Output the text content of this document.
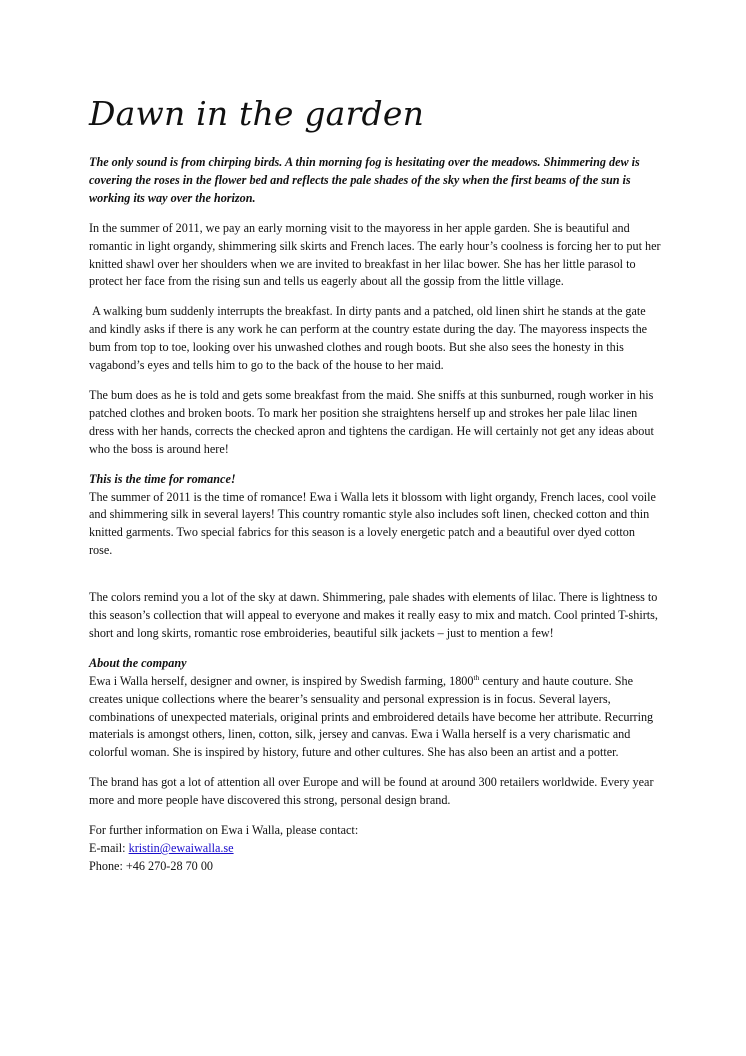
Dawn in the garden

The only sound is from chirping birds. A thin morning fog is hesitating over the meadows. Shimmering dew is covering the roses in the flower bed and reflects the pale shades of the sky when the first beams of the sun is working its way over the horizon.

In the summer of 2011, we pay an early morning visit to the mayoress in her apple garden. She is beautiful and romantic in light organdy, shimmering silk skirts and French laces. The early hour’s coolness is forcing her to put her knitted shawl over her shoulders when we are invited to breakfast in her lilac bower. She has her little parasol to protect her face from the rising sun and tells us eagerly about all the gossip from the little village.

A walking bum suddenly interrupts the breakfast. In dirty pants and a patched, old linen shirt he stands at the gate and kindly asks if there is any work he can perform at the country estate during the day. The mayoress inspects the bum from top to toe, looking over his unwashed clothes and rough boots. But she also sees the honesty in this vagabond’s eyes and tells him to go to the back of the house to her maid.

The bum does as he is told and gets some breakfast from the maid. She sniffs at this sunburned, rough worker in his patched clothes and broken boots. To mark her position she straightens herself up and strokes her pale lilac linen dress with her hands, corrects the checked apron and tightens the cardigan. He will certainly not get any ideas about who the boss is around here!

This is the time for romance!
The summer of 2011 is the time of romance! Ewa i Walla lets it blossom with light organdy, French laces, cool voile and shimmering silk in several layers! This country romantic style also includes soft linen, checked cotton and thin knitted garments. Two special fabrics for this season is a lovely energetic patch and a beautiful over dyed cotton rose.

The colors remind you a lot of the sky at dawn. Shimmering, pale shades with elements of lilac. There is lightness to this season’s collection that will appeal to everyone and makes it really easy to mix and match. Cool printed T-shirts, short and long skirts, romantic rose embroideries, beautiful silk jackets – just to mention a few!

About the company
Ewa i Walla herself, designer and owner, is inspired by Swedish farming, 1800th century and haute couture. She creates unique collections where the bearer’s sensuality and personal expression is in focus. Several layers, combinations of unexpected materials, original prints and embroidered details have become her attribute. Recurring materials is amongst others, linen, cotton, silk, jersey and canvas. Ewa i Walla herself is a very charismatic and colorful woman. She is inspired by history, future and other cultures. She has also been an artist and a potter.

The brand has got a lot of attention all over Europe and will be found at around 300 retailers worldwide. Every year more and more people have discovered this strong, personal design brand.

For further information on Ewa i Walla, please contact:
E-mail: kristin@ewaiwalla.se
Phone: +46 270-28 70 00
